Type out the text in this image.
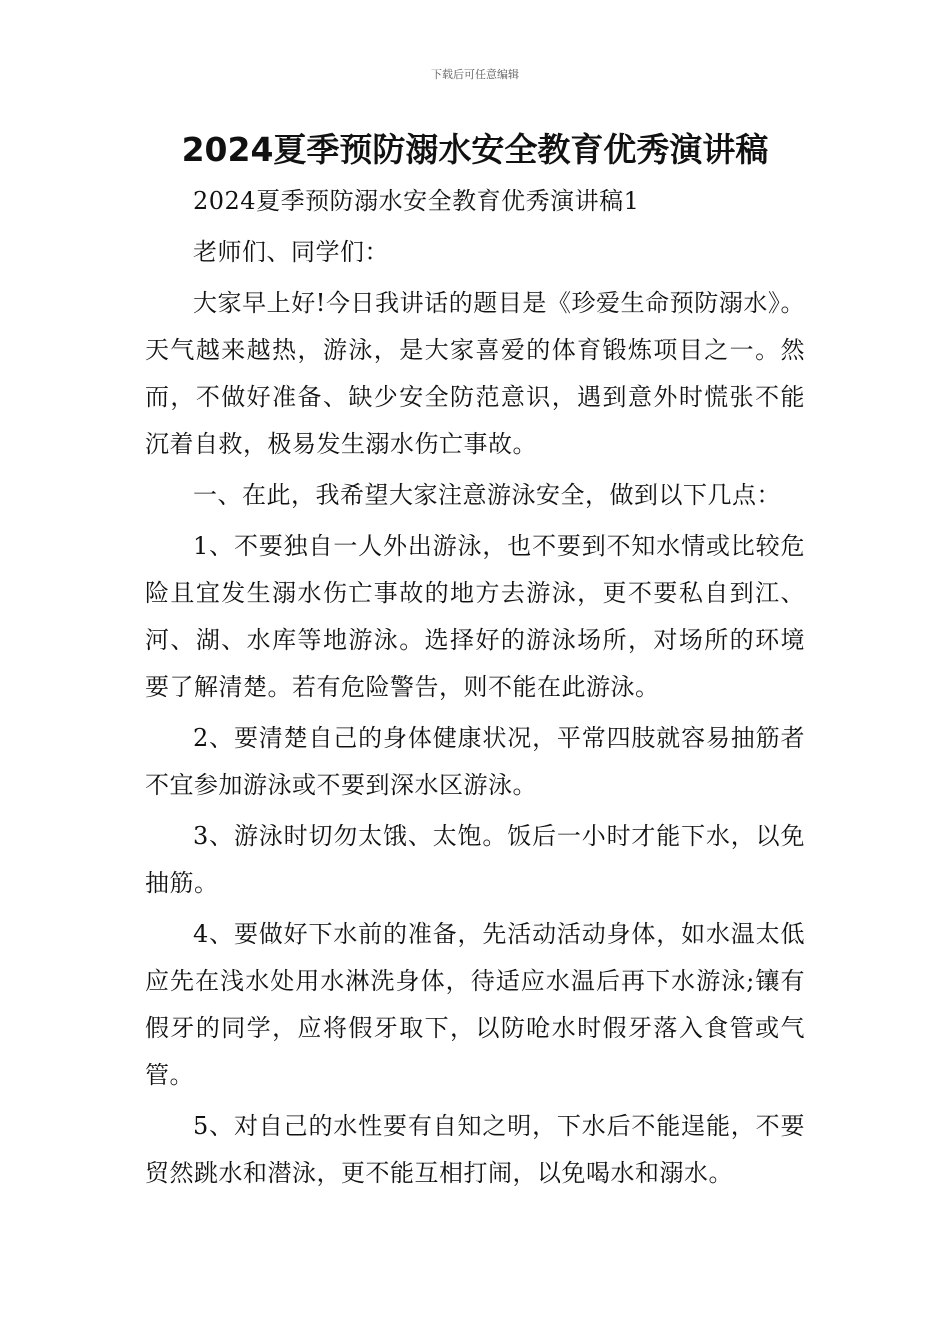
下载后可任意编辑
2024夏季预防溺水安全教育优秀演讲稿

2024夏季预防溺水安全教育优秀演讲稿1

老师们、同学们：

大家早上好!今日我讲话的题目是《珍爱生命预防溺水》。天气越来越热，游泳，是大家喜爱的体育锻炼项目之一。然而，不做好准备、缺少安全防范意识，遇到意外时慌张不能沉着自救，极易发生溺水伤亡事故。

一、在此，我希望大家注意游泳安全，做到以下几点：

1、不要独自一人外出游泳，也不要到不知水情或比较危险且宜发生溺水伤亡事故的地方去游泳，更不要私自到江、河、湖、水库等地游泳。选择好的游泳场所，对场所的环境要了解清楚。若有危险警告，则不能在此游泳。

2、要清楚自己的身体健康状况，平常四肢就容易抽筋者不宜参加游泳或不要到深水区游泳。

3、游泳时切勿太饿、太饱。饭后一小时才能下水，以免抽筋。

4、要做好下水前的准备，先活动活动身体，如水温太低应先在浅水处用水淋洗身体，待适应水温后再下水游泳;镶有假牙的同学，应将假牙取下，以防呛水时假牙落入食管或气管。

5、对自己的水性要有自知之明，下水后不能逞能，不要贸然跳水和潜泳，更不能互相打闹，以免喝水和溺水。
